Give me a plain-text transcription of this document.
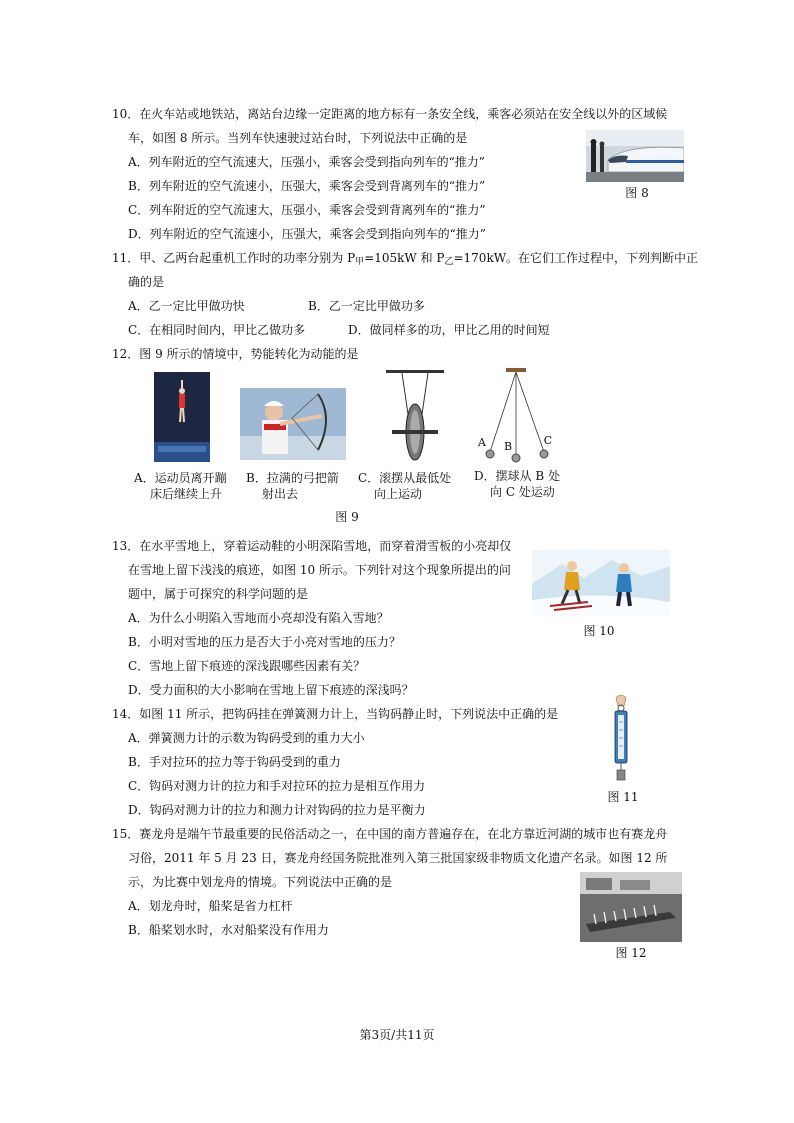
10．在火车站或地铁站，离站台边缘一定距离的地方标有一条安全线，乘客必须站在安全线以外的区域候
车，如图 8 所示。当列车快速驶过站台时，下列说法中正确的是
A．列车附近的空气流速大，压强小，乘客会受到指向列车的“推力”
B．列车附近的空气流速小，压强大，乘客会受到背离列车的“推力”
C．列车附近的空气流速大，压强小，乘客会受到背离列车的“推力”
D．列车附近的空气流速小，压强大，乘客会受到指向列车的“推力”
图 8
11．甲、乙两台起重机工作时的功率分别为 $P_甲=105kW$ 和 $P_乙=170kW$。在它们工作过程中，下列判断中正
确的是
A．乙一定比甲做功快	B．乙一定比甲做功多
C．在相同时间内，甲比乙做功多	D．做同样多的功，甲比乙用的时间短
12．图 9 所示的情境中，势能转化为动能的是
A B	C
A．运动员离开蹦
床后继续上升
B．拉满的弓把箭
射出去
C．滚摆从最低处
向上运动
D．摆球从 B 处
向 C 处运动
图 9
13．在水平雪地上，穿着运动鞋的小明深陷雪地，而穿着滑雪板的小亮却仅
在雪地上留下浅浅的痕迹，如图 10 所示。下列针对这个现象所提出的问
题中，属于可探究的科学问题的是
A．为什么小明陷入雪地而小亮却没有陷入雪地？
B．小明对雪地的压力是否大于小亮对雪地的压力？
C．雪地上留下痕迹的深浅跟哪些因素有关？
D．受力面积的大小影响在雪地上留下痕迹的深浅吗？
图 10
14．如图 11 所示，把钩码挂在弹簧测力计上，当钩码静止时，下列说法中正确的是
A．弹簧测力计的示数为钩码受到的重力大小
B．手对拉环的拉力等于钩码受到的重力
C．钩码对测力计的拉力和手对拉环的拉力是相互作用力
D．钩码对测力计的拉力和测力计对钩码的拉力是平衡力
图 11
15．赛龙舟是端午节最重要的民俗活动之一，在中国的南方普遍存在，在北方靠近河湖的城市也有赛龙舟
习俗，2011 年 5 月 23 日，赛龙舟经国务院批准列入第三批国家级非物质文化遗产名录。如图 12 所
示，为比赛中划龙舟的情境。下列说法中正确的是
A．划龙舟时，船桨是省力杠杆
B．船桨划水时，水对船桨没有作用力
图 12
第3页/共11页
